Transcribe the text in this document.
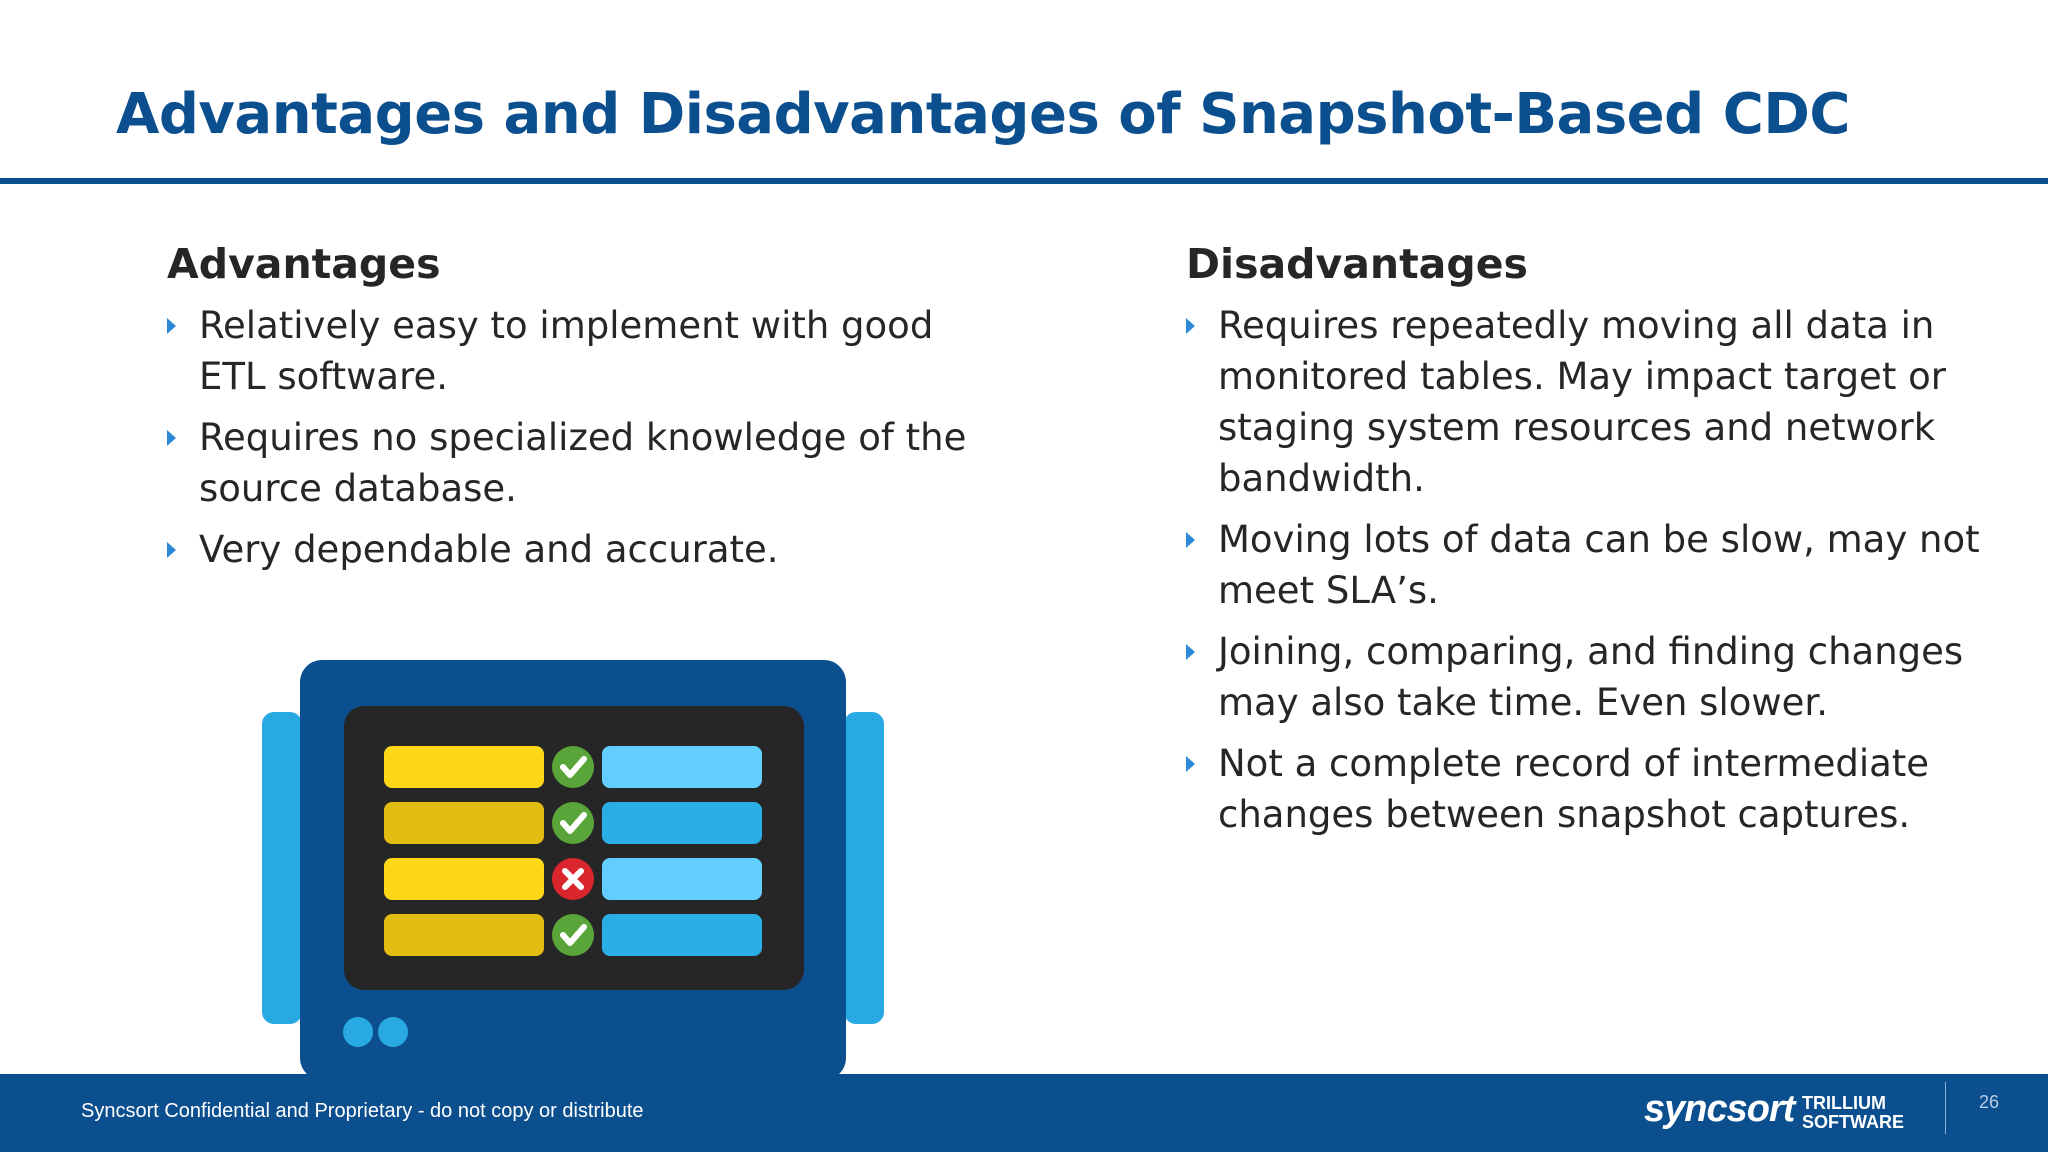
Advantages and Disadvantages of Snapshot-Based CDC
Advantages
Relatively easy to implement with good ETL software.
Requires no specialized knowledge of the source database.
Very dependable and accurate.
Disadvantages
Requires repeatedly moving all data in monitored tables. May impact target or staging system resources and network bandwidth.
Moving lots of data can be slow, may not meet SLA’s.
Joining, comparing, and finding changes may also take time. Even slower.
Not a complete record of intermediate changes between snapshot captures.
Syncsort Confidential and Proprietary - do not copy or distribute	syncsort TRILLIUM
SOFTWARE
26
